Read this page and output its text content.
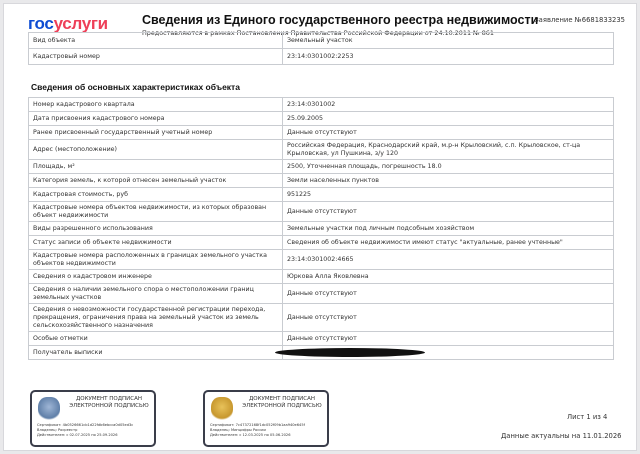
госуслуги	Сведения из Единого государственного реестра недвижимости
Предоставляются в рамках Постановления Правительства Российской Федерации от 24.10.2011 № 861
Заявление №6681833235
Вид объекта	Земельный участок
Кадастровый номер	23:14:0301002:2253
Сведения об основных характеристиках объекта
Номер кадастрового квартала	23:14:0301002
Дата присвоения кадастрового номера	25.09.2005
Ранее присвоенный государственный учетный номер	Данные отсутствуют
Адрес (местоположение)	Российская Федерация, Краснодарский край, м.р-н Крыловский, с.п. Крыловское, ст-ца Крыловская, ул Пушкина, з/у 120
Площадь, м²	2500, Уточненная площадь, погрешность 18.0
Категория земель, к которой отнесен земельный участок	Земли населенных пунктов
Кадастровая стоимость, руб	951225
Кадастровые номера объектов недвижимости, из которых образован объект недвижимости	Данные отсутствуют
Виды разрешенного использования	Земельные участки под личным подсобным хозяйством
Статус записи об объекте недвижимости	Сведения об объекте недвижимости имеют статус "актуальные, ранее учтенные"
Кадастровые номера расположенных в границах земельного участка объектов недвижимости	23:14:0301002:4665
Сведения о кадастровом инженере	Юркова Алла Яковлевна
Сведения о наличии земельного спора о местоположении границ земельных участков	Данные отсутствуют
Сведения о невозможности государственной регистрации перехода, прекращения, ограничения права на земельный участок из земель сельскохозяйственного назначения	Данные отсутствуют
Особые отметки	Данные отсутствуют
Получатель выписки	
ДОКУМЕНТ ПОДПИСАН ЭЛЕКТРОННОЙ ПОДПИСЬЮ
Сертификат: 4b0526661cb1d22fdb6ebcca0d05ed3c
Владелец: Росреестр
Действителен: с 02.07.2025 по 25.09.2026
ДОКУМЕНТ ПОДПИСАН ЭЛЕКТРОННОЙ ПОДПИСЬЮ
Сертификат: 7c47372168f1dc052f09b1aa940e645f
Владелец: Минцифры России
Действителен: с 12.03.2025 по 05.06.2026
Лист 1 из 4
Данные актуальны на 11.01.2026
